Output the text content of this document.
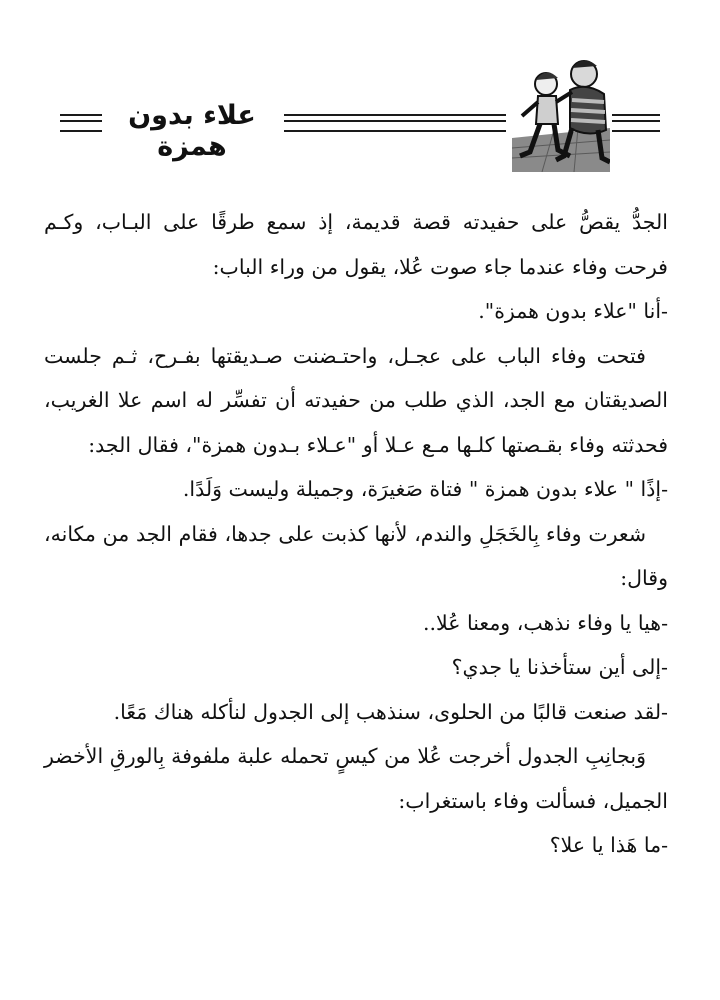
علاء بدون همزة

الجدُّ يقصُّ على حفيدته قصة قديمة، إذ سمع طرقًا على البـاب، وكـم فرحت وفاء عندما جاء صوت عُلا، يقول من وراء الباب:

-أنا "علاء بدون همزة".

فتحت وفاء الباب على عجـل، واحتـضنت صـديقتها بفـرح، ثـم جلست الصديقتان مع الجد، الذي طلب من حفيدته أن تفسِّر له اسم علا الغريب، فحدثته وفاء بقـصتها كلـها مـع عـلا أو "عـلاء بـدون همزة"، فقال الجد:

-إذًا " علاء بدون همزة " فتاة صَغيرَة، وجميلة وليست وَلَدًا.

شعرت وفاء بِالخَجَلِ والندم، لأنها كذبت على جدها، فقام الجد من مكانه، وقال:

-هيا يا وفاء نذهب، ومعنا عُلا..

-إلى أين ستأخذنا يا جدي؟

-لقد صنعت قالبًا من الحلوى، سنذهب إلى الجدول لنأكله هناك مَعًا.

وَبجانِبِ الجدول أخرجت عُلا من كيسٍ تحمله علبة ملفوفة بِالورقِ الأخضر الجميل، فسألت وفاء باستغراب:

-ما هَذا يا علا؟
